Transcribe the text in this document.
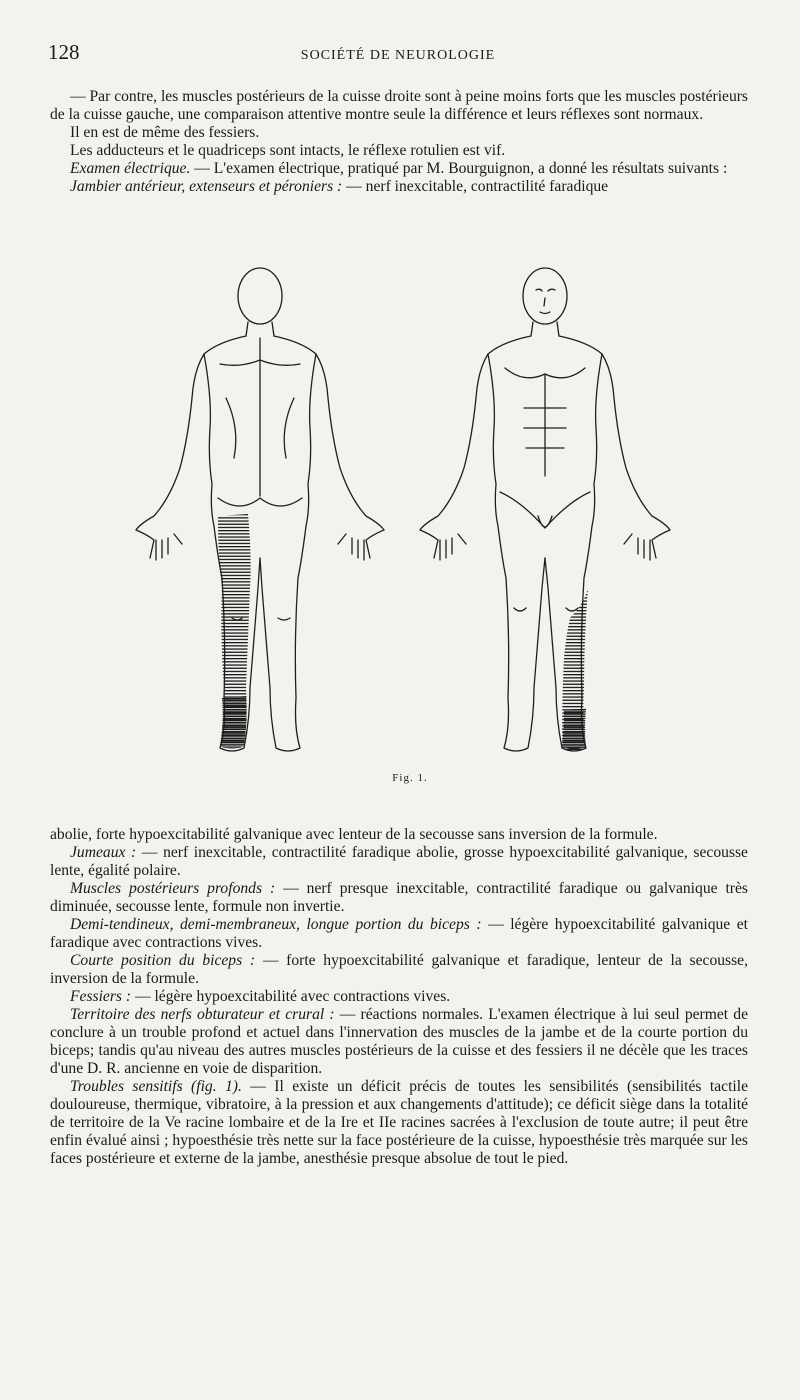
128	SOCIÉTÉ DE NEUROLOGIE

— Par contre, les muscles postérieurs de la cuisse droite sont à peine moins forts que les muscles postérieurs de la cuisse gauche, une comparaison attentive montre seule la différence et leurs réflexes sont normaux.

Il en est de même des fessiers.

Les adducteurs et le quadriceps sont intacts, le réflexe rotulien est vif.

Examen électrique. — L'examen électrique, pratiqué par M. Bourguignon, a donné les résultats suivants :

Jambier antérieur, extenseurs et péroniers : — nerf inexcitable, contractilité faradique

Fig. 1.

abolie, forte hypoexcitabilité galvanique avec lenteur de la secousse sans inversion de la formule.

Jumeaux : — nerf inexcitable, contractilité faradique abolie, grosse hypoexcitabilité galvanique, secousse lente, égalité polaire.

Muscles postérieurs profonds : — nerf presque inexcitable, contractilité faradique ou galvanique très diminuée, secousse lente, formule non invertie.

Demi-tendineux, demi-membraneux, longue portion du biceps : — légère hypoexcitabilité galvanique et faradique avec contractions vives.

Courte position du biceps : — forte hypoexcitabilité galvanique et faradique, lenteur de la secousse, inversion de la formule.

Fessiers : — légère hypoexcitabilité avec contractions vives.

Territoire des nerfs obturateur et crural : — réactions normales. L'examen électrique à lui seul permet de conclure à un trouble profond et actuel dans l'innervation des muscles de la jambe et de la courte portion du biceps; tandis qu'au niveau des autres muscles postérieurs de la cuisse et des fessiers il ne décèle que les traces d'une D. R. ancienne en voie de disparition.

Troubles sensitifs (fig. 1). — Il existe un déficit précis de toutes les sensibilités (sensibilités tactile douloureuse, thermique, vibratoire, à la pression et aux changements d'attitude); ce déficit siège dans la totalité de territoire de la Ve racine lombaire et de la Ire et IIe racines sacrées à l'exclusion de toute autre; il peut être enfin évalué ainsi ; hypoesthésie très nette sur la face postérieure de la cuisse, hypoesthésie très marquée sur les faces postérieure et externe de la jambe, anesthésie presque absolue de tout le pied.
